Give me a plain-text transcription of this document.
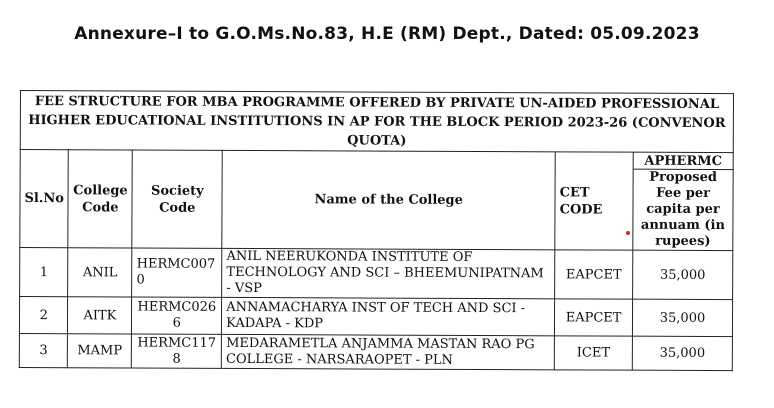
Annexure–I to G.O.Ms.No.83, H.E (RM) Dept., Dated: 05.09.2023
FEE STRUCTURE FOR MBA PROGRAMME OFFERED BY PRIVATE UN-AIDED PROFESSIONAL HIGHER EDUCATIONAL INSTITUTIONS IN AP FOR THE BLOCK PERIOD 2023-26 (CONVENOR QUOTA)					
Sl.No	College Code	Society Code	Name of the College	CET CODE	APHERMC
					Proposed Fee per capita per annuam (in rupees)
1	ANIL	HERMC0070	ANIL NEERUKONDA INSTITUTE OF TECHNOLOGY AND SCI – BHEEMUNIPATNAM - VSP	EAPCET	35,000
2	AITK	HERMC0266	ANNAMACHARYA INST OF TECH AND SCI - KADAPA - KDP	EAPCET	35,000
3	MAMP	HERMC1178	MEDARAMETLA ANJAMMA MASTAN RAO PG COLLEGE - NARSARAOPET - PLN	ICET	35,000
